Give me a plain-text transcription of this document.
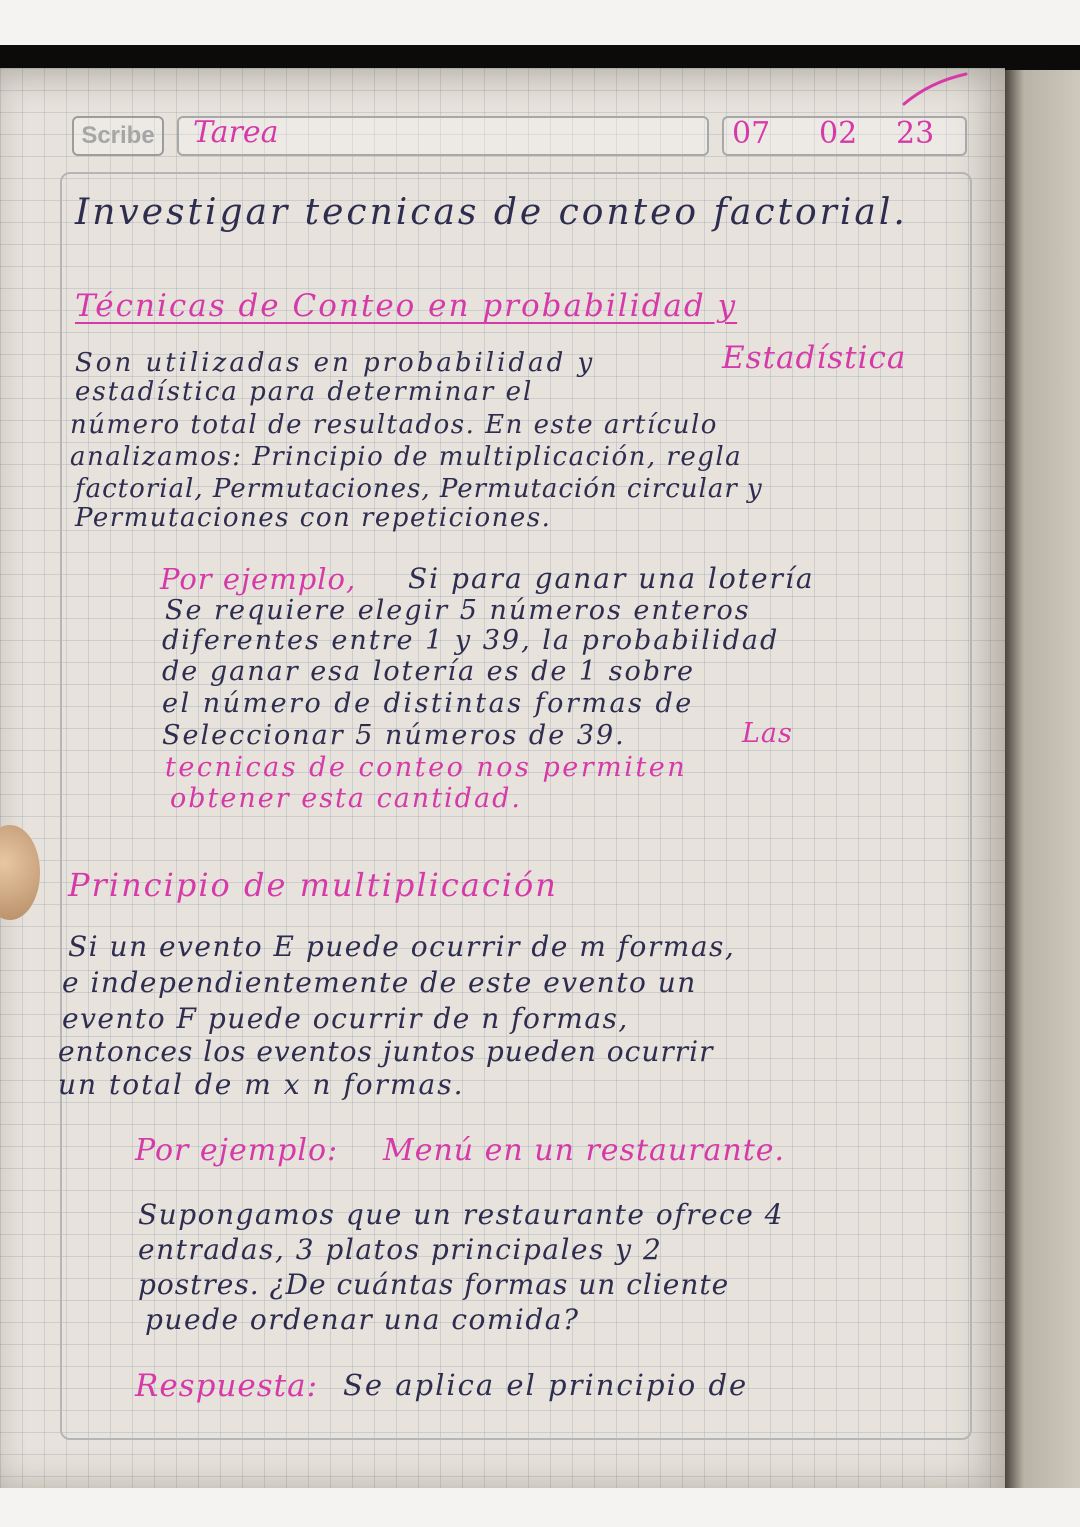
Scribe	Tarea	07 02 23

Investigar tecnicas de conteo factorial.

Técnicas de Conteo en probabilidad y

Estadística

Son utilizadas en probabilidad y

estadística para determinar el

número total de resultados. En este artículo

analizamos: Principio de multiplicación, regla

factorial, Permutaciones, Permutación circular y

Permutaciones con repeticiones.

Por ejemplo, Si para ganar una lotería

Se requiere elegir 5 números enteros

diferentes entre 1 y 39, la probabilidad

de ganar esa lotería es de 1 sobre

el número de distintas formas de

Seleccionar 5 números de 39.	Las

tecnicas de conteo nos permiten

obtener esta cantidad.

Principio de multiplicación

Si un evento E puede ocurrir de m formas,

e independientemente de este evento un

evento F puede ocurrir de n formas,

entonces los eventos juntos pueden ocurrir

un total de m x n formas.

Por ejemplo: Menú en un restaurante.

Supongamos que un restaurante ofrece 4

entradas, 3 platos principales y 2

postres. ¿De cuántas formas un cliente

puede ordenar una comida?

Respuesta: Se aplica el principio de
